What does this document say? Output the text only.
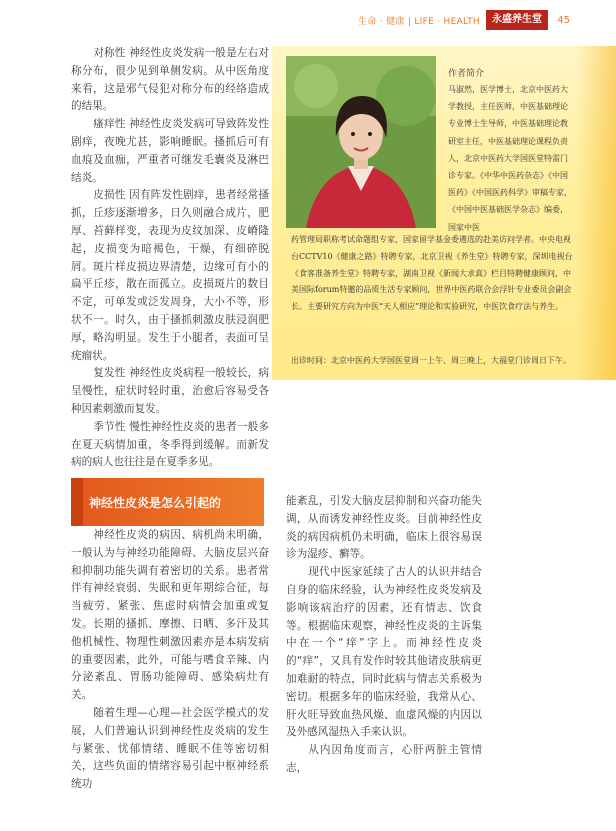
生命 · 健康 | LIFE · HEALTH	永盛养生堂	45

对称性 神经性皮炎发病一般是左右对称分布，很少见到单侧发病。从中医角度来看，这是邪气侵犯对称分布的经络造成的结果。

瘙痒性 神经性皮炎发病可导致阵发性剧痒，夜晚尤甚，影响睡眠。搔抓后可有血痕及血痂，严重者可继发毛囊炎及淋巴结炎。

皮损性 因有阵发性剧痒，患者经常搔抓，丘疹逐渐增多，日久则融合成片，肥厚、苔藓样变，表现为皮纹加深、皮嵴隆起，皮损变为暗褐色，干燥，有细碎脱屑。斑片样皮损边界清楚，边缘可有小的扁平丘疹，散在而孤立。皮损斑片的数目不定，可单发或泛发周身，大小不等，形状不一。时久，由于搔抓刺激皮肤浸润肥厚，略沟明显。发生于小腿者，表面可呈疣瘤状。

复发性 神经性皮炎病程一般较长，病呈慢性，症状时轻时重，治愈后容易受各种因素刺激而复发。

季节性 慢性神经性皮炎的患者一般多在夏天病情加重，冬季得到缓解。而新发病的病人也往往是在夏季多见。

作者简介
马淑然，医学博士，北京中医药大学教授，主任医师，中医基础理论专业博士生导师，中医基础理论教研室主任，中医基础理论课程负责人，北京中医药大学国医堂特需门诊专家。《中华中医药杂志》《中国医药》《中国医药科学》审稿专家，《中国中医基础医学杂志》编委，国家中医
药管理局职称考试命题组专家，国家留学基金委遴选的赴美访问学者。中央电视台CCTV10《健康之路》特聘专家，北京卫视《养生堂》特聘专家，深圳电视台《食客准备养生堂》特聘专家，湖南卫视《新闻大求真》栏目特聘健康顾问，中美国际forum特邀的品质生活专家顾问，世界中医药联合会浮针专业委员会副会长。主要研究方向为中医“天人相应”理论和实验研究，中医饮食疗法与养生。
出诊时间：北京中医药大学国医堂周一上午、周三晚上，大福堂门诊周日下午。
神经性皮炎是怎么引起的

神经性皮炎的病因、病机尚未明确，一般认为与神经功能障碍、大脑皮层兴奋和抑制功能失调有着密切的关系。患者常伴有神经衰弱、失眠和更年期综合征，每当疲劳、紧张、焦虑时病情会加重或复发。长期的搔抓、摩擦、日晒、多汗及其他机械性、物理性刺激因素亦是本病发病的重要因素，此外，可能与嗜食辛辣、内分泌紊乱、胃肠功能障碍、感染病灶有关。

随着生理—心理—社会医学模式的发展，人们普遍认识到神经性皮炎病的发生与紧张、忧郁情绪、睡眠不佳等密切相关，这些负面的情绪容易引起中枢神经系统功

能紊乱，引发大脑皮层抑制和兴奋功能失调，从而诱发神经性皮炎。目前神经性皮炎的病因病机仍未明确，临床上很容易误诊为湿疹、癣等。

现代中医家延续了古人的认识并结合自身的临床经验，认为神经性皮炎发病及影响该病治疗的因素，还有情志、饮食等。根据临床观察，神经性皮炎的主诉集中在一个“痒”字上。而神经性皮炎的“痒”，又具有发作时较其他诸皮肤病更加难耐的特点，同时此病与情志关系极为密切。根据多年的临床经验，我常从心、肝火旺导致血热风燥、血虚风燥的内因以及外感风湿热入手来认识。

从内因角度而言，心肝两脏主管情志，
